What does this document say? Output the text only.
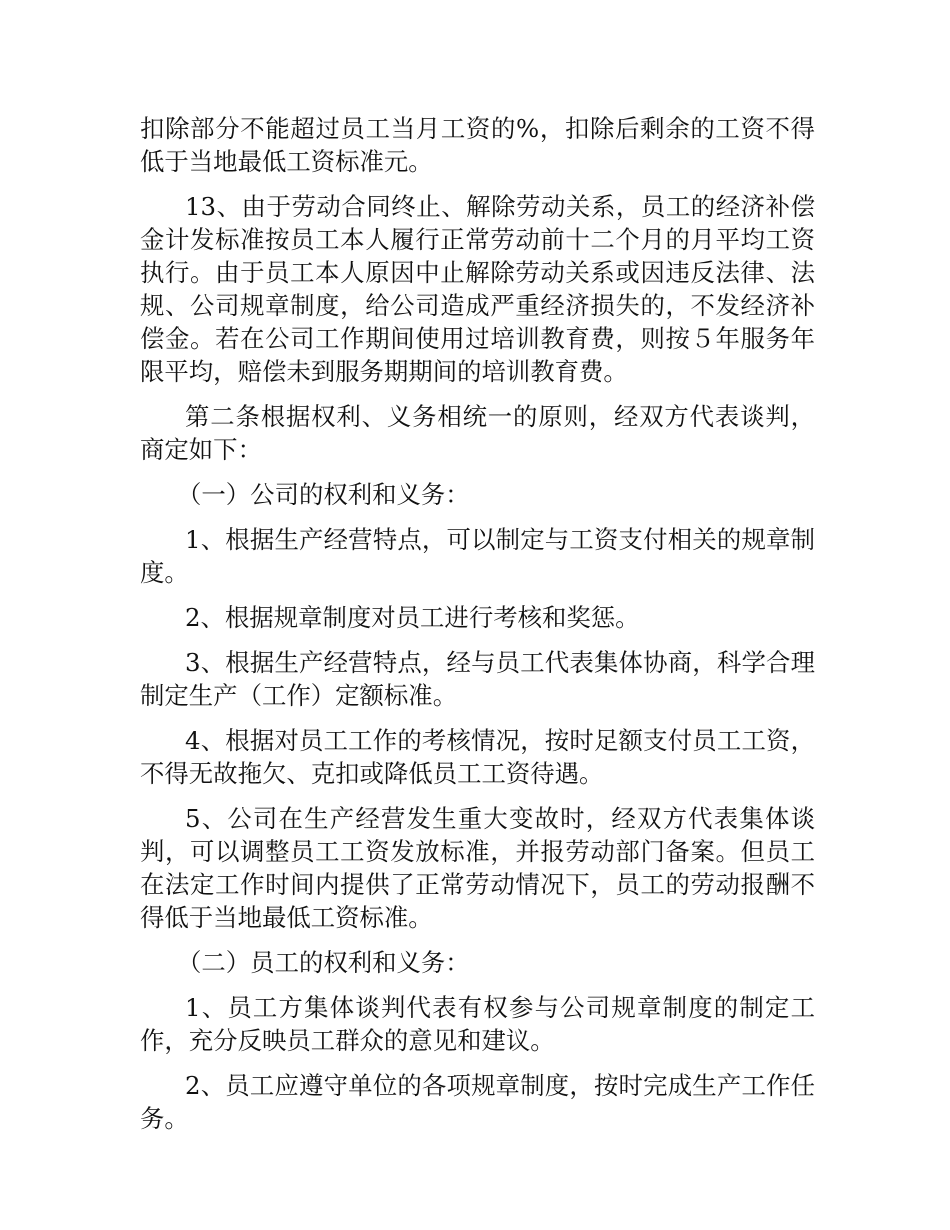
扣除部分不能超过员工当月工资的%，扣除后剩余的工资不得低于当地最低工资标准元。

13、由于劳动合同终止、解除劳动关系，员工的经济补偿金计发标准按员工本人履行正常劳动前十二个月的月平均工资执行。由于员工本人原因中止解除劳动关系或因违反法律、法规、公司规章制度，给公司造成严重经济损失的，不发经济补偿金。若在公司工作期间使用过培训教育费，则按５年服务年限平均，赔偿未到服务期期间的培训教育费。

第二条根据权利、义务相统一的原则，经双方代表谈判，商定如下：

（一）公司的权利和义务：

1、根据生产经营特点，可以制定与工资支付相关的规章制度。

2、根据规章制度对员工进行考核和奖惩。

3、根据生产经营特点，经与员工代表集体协商，科学合理制定生产（工作）定额标准。

4、根据对员工工作的考核情况，按时足额支付员工工资，不得无故拖欠、克扣或降低员工工资待遇。

5、公司在生产经营发生重大变故时，经双方代表集体谈判，可以调整员工工资发放标准，并报劳动部门备案。但员工在法定工作时间内提供了正常劳动情况下，员工的劳动报酬不得低于当地最低工资标准。

（二）员工的权利和义务：

1、员工方集体谈判代表有权参与公司规章制度的制定工作，充分反映员工群众的意见和建议。

2、员工应遵守单位的各项规章制度，按时完成生产工作任务。
